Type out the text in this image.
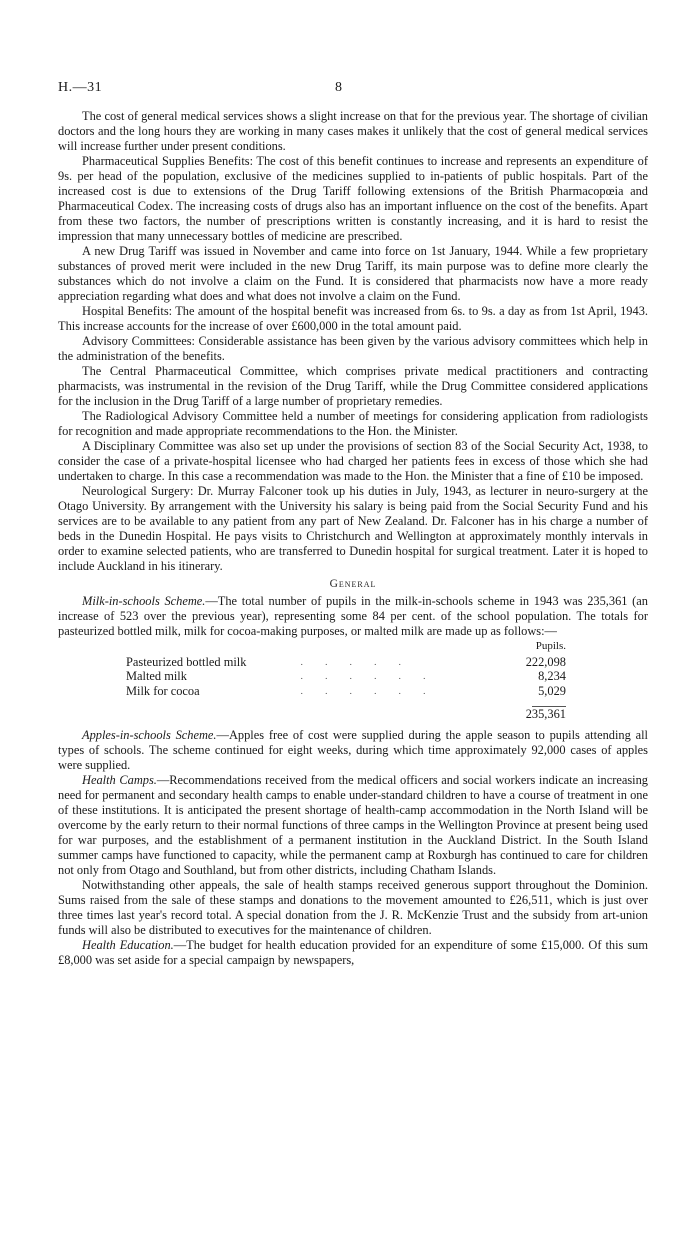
H.—31	8

The cost of general medical services shows a slight increase on that for the previous year. The shortage of civilian doctors and the long hours they are working in many cases makes it unlikely that the cost of general medical services will increase further under present conditions.

Pharmaceutical Supplies Benefits: The cost of this benefit continues to increase and represents an expenditure of 9s. per head of the population, exclusive of the medicines supplied to in-patients of public hospitals. Part of the increased cost is due to extensions of the Drug Tariff following extensions of the British Pharmacopœia and Pharmaceutical Codex. The increasing costs of drugs also has an important influence on the cost of the benefits. Apart from these two factors, the number of prescriptions written is constantly increasing, and it is hard to resist the impression that many unnecessary bottles of medicine are prescribed.

A new Drug Tariff was issued in November and came into force on 1st January, 1944. While a few proprietary substances of proved merit were included in the new Drug Tariff, its main purpose was to define more clearly the substances which do not involve a claim on the Fund. It is considered that pharmacists now have a more ready appreciation regarding what does and what does not involve a claim on the Fund.

Hospital Benefits: The amount of the hospital benefit was increased from 6s. to 9s. a day as from 1st April, 1943. This increase accounts for the increase of over £600,000 in the total amount paid.

Advisory Committees: Considerable assistance has been given by the various advisory committees which help in the administration of the benefits.

The Central Pharmaceutical Committee, which comprises private medical practitioners and contracting pharmacists, was instrumental in the revision of the Drug Tariff, while the Drug Committee considered applications for the inclusion in the Drug Tariff of a large number of proprietary remedies.

The Radiological Advisory Committee held a number of meetings for considering application from radiologists for recognition and made appropriate recommendations to the Hon. the Minister.

A Disciplinary Committee was also set up under the provisions of section 83 of the Social Security Act, 1938, to consider the case of a private-hospital licensee who had charged her patients fees in excess of those which she had undertaken to charge. In this case a recommendation was made to the Hon. the Minister that a fine of £10 be imposed.

Neurological Surgery: Dr. Murray Falconer took up his duties in July, 1943, as lecturer in neuro-surgery at the Otago University. By arrangement with the University his salary is being paid from the Social Security Fund and his services are to be available to any patient from any part of New Zealand. Dr. Falconer has in his charge a number of beds in the Dunedin Hospital. He pays visits to Christchurch and Wellington at approximately monthly intervals in order to examine selected patients, who are transferred to Dunedin hospital for surgical treatment. Later it is hoped to include Auckland in his itinerary.

General

Milk-in-schools Scheme.—The total number of pupils in the milk-in-schools scheme in 1943 was 235,361 (an increase of 523 over the previous year), representing some 84 per cent. of the school population. The totals for pasteurized bottled milk, milk for cocoa-making purposes, or malted milk are made up as follows:—

		Pupils.
Pasteurized bottled milk	. . . . .	222,098
Malted milk	. . . . . .	8,234
Milk for cocoa	. . . . . .	5,029

235,361

Apples-in-schools Scheme.—Apples free of cost were supplied during the apple season to pupils attending all types of schools. The scheme continued for eight weeks, during which time approximately 92,000 cases of apples were supplied.

Health Camps.—Recommendations received from the medical officers and social workers indicate an increasing need for permanent and secondary health camps to enable under-standard children to have a course of treatment in one of these institutions. It is anticipated the present shortage of health-camp accommodation in the North Island will be overcome by the early return to their normal functions of three camps in the Wellington Province at present being used for war purposes, and the establishment of a permanent institution in the Auckland District. In the South Island summer camps have functioned to capacity, while the permanent camp at Roxburgh has continued to care for children not only from Otago and Southland, but from other districts, including Chatham Islands.

Notwithstanding other appeals, the sale of health stamps received generous support throughout the Dominion. Sums raised from the sale of these stamps and donations to the movement amounted to £26,511, which is just over three times last year's record total. A special donation from the J. R. McKenzie Trust and the subsidy from art-union funds will also be distributed to executives for the maintenance of children.

Health Education.—The budget for health education provided for an expenditure of some £15,000. Of this sum £8,000 was set aside for a special campaign by newspapers,
